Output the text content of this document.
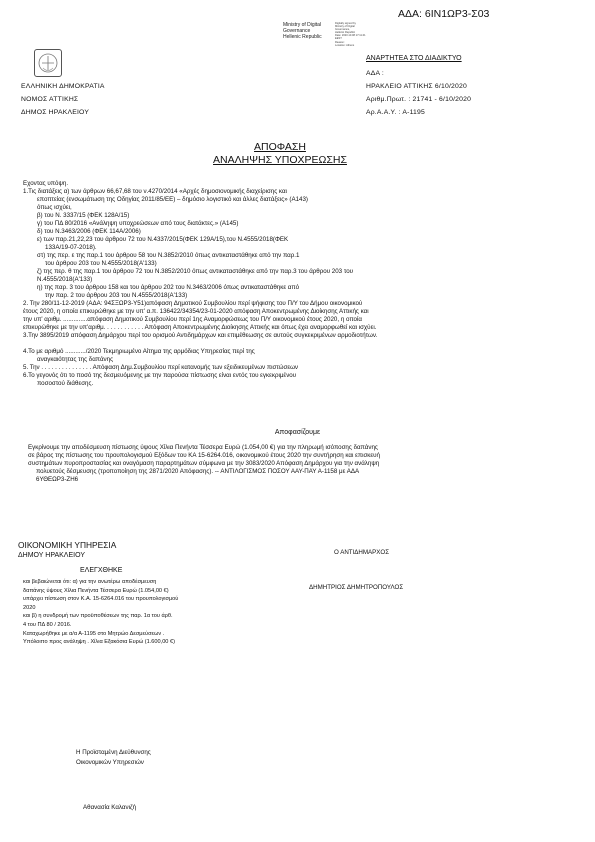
ΑΔΑ: 6ΙΝ1ΩΡ3-Σ03
Ministry of Digital
Governance
Hellenic Republic
Digitally signed by
Ministry of Digital
Governance,
Hellenic Republic
Date: 2020.10.08 17:11:41
EEST
Reason:
Location: Athens
ΑΝΑΡΤΗΤΕΑ ΣΤΟ ΔΙΑΔΙΚΤΥΟ
ΕΛΛΗΝΙΚΗ ΔΗΜΟΚΡΑΤΙΑ
ΝΟΜΟΣ ΑΤΤΙΚΗΣ
ΔΗΜΟΣ ΗΡΑΚΛΕΙΟΥ
ΑΔΑ :
ΗΡΑΚΛΕΙΟ ΑΤΤΙΚΗΣ 6/10/2020
Αριθμ.Πρωτ. : 21741 - 6/10/2020
Αρ.Α.Α.Υ. : Α-1195
ΑΠΟΦΑΣΗ
ΑΝΑΛΗΨΗΣ ΥΠΟΧΡΕΩΣΗΣ
Εχοντας υπόψη.
1.Τις διατάξεις α) των άρθρων 66,67,68 του ν.4270/2014 «Αρχές δημοσιονομικής διαχείρισης και
εποπτείας (ενσωμάτωση της Οδηγίας 2011/85/ΕΕ) – δημόσιο λογιστικό και άλλες διατάξεις» (Α143)
όπως ισχύει,
β) του Ν. 3337/15 (ΦΕΚ 128Α/15)
γ) του ΠΔ 80/2016 «Ανάληψη υποχρεώσεων από τους διατάκτες.» (Α145)
δ) του Ν.3463/2006 (ΦΕΚ 114Α/2006)
ε) των παρ.21,22,23 του άρθρου 72 του Ν.4337/2015(ΦΕΚ 129Α/15),του Ν.4555/2018(ΦΕΚ
133Α/19-07-2018).
στ) της περ. ε της παρ.1 του άρθρου 58 του Ν.3852/2010 όπως αντικαταστάθηκε από την παρ.1
του άρθρου 203 του Ν.4555/2018(Α'133)
ζ) της περ. θ της παρ.1 του άρθρου 72 του Ν.3852/2010 όπως αντικαταστάθηκε από την παρ.3 του άρθρου 203 του
Ν.4555/2018(Α'133)
η) της παρ. 3 του άρθρου 158 και του άρθρου 202 του Ν.3463/2006 όπως αντικαταστάθηκε από
την παρ. 2 του άρθρου 203 του Ν.4555/2018(Α'133)
2. Την 280/11-12-2019 (ΑΔΑ: 94ΣΞΩΡ3-Υ51)απόφαση Δημοτικού Συμβουλίου περί ψήφισης του Π/Υ του Δήμου οικονομικού
έτους 2020, η οποία επικυρώθηκε με την υπ' α.π. 136422/34354/23-01-2020 απόφαση Αποκεντρωμένης Διοίκησης Αττικής και
την υπ' αριθμ. ..............απόφαση Δημοτικού Συμβουλίου περί 1ης Αναμορφώσεως του Π/Υ οικονομικού έτους 2020, η οποία
επικυρώθηκε με την υπ'αριθμ. . . . . . . . . . . . Απόφαση Αποκεντρωμένης Διοίκησης Αττικής και όπως έχει αναμορφωθεί και ισχύει.
3.Την 3895/2019 απόφαση Δημάρχου περί του ορισμού Αντιδημάρχων και επιμέθεωσης σε αυτούς συγκεκριμένων αρμοδιοτήτων.
4.Το με αριθμό ............/2020 Τεκμηριωμένο Αίτημα της αρμόδιας Υπηρεσίας περί της
αναγκαιότητας της δαπάνης
5. Την . . . . . . . . . . . . . . . Απόφαση Δημ.Συμβουλίου περί κατανομής των εξειδικευμένων πιστώσεων
6.Το γεγονός ότι το ποσό της δεσμευόμενης με την παρούσα πίστωσης είναι εντός του εγκεκριμένου
ποσοστού διάθεσης.
Αποφασίζουμε
Εγκρίνουμε την αποδέσμευση πίστωσης ύψους Χίλια Πενήντα Τέσσερα Ευρώ (1.054,00 €) για την πληρωμή ισόποσης δαπάνης
σε βάρος της πίστωσης του προυπολογισμού Εξόδων του ΚΑ 15-6264.016, οικονομικού έτους 2020 την συντήρηση και επισκευή
συστημάτων πυροπροστασίας και οναγόμαση παραρτημάτων σύμφωνα με την 3083/2020 Απόφαση Δημάρχου για την ανάληψη
πολυετούς δέσμευσης (τροποποίηση της 2871/2020 Απόφασης). -- ΑΝΤΙΛΟΓΙΣΜΟΣ ΠΟΣΟΥ ΑΑΥ-ΠΑΥ Α-1158 με ΑΔΑ
6ΥΘΕΩΡ3-ΖΗ6
ΟΙΚΟΝΟΜΙΚΗ ΥΠΗΡΕΣΙΑ
ΔΗΜΟΥ ΗΡΑΚΛΕΙΟΥ
ΕΛΕΓΧΘΗΚΕ
και βεβαιώνεται ότι: α) για την ανωτέρω αποδέσμευση
δαπάνης ύψους Χίλια Πενήντα Τέσσερα Ευρώ (1.054,00 €)
υπάρχει πίστωση στον Κ.Α. 15-6264.016 του προυπολογισμού
2020
και β) η συνδρομή των προϋποθέσεων της παρ. 1α του άρθ.
4 του ΠΔ 80 / 2016.
Καταχωρήθηκε με α/α Α-1195 στο Μητρώο Δεσμεύσεων .
Υπόλοιπο προς ανάληψη . Χίλια Εξακόσια Ευρώ (1.600,00 €)
Ο ΑΝΤΙΔΗΜΑΡΧΟΣ
ΔΗΜΗΤΡΙΟΣ ΔΗΜΗΤΡΟΠΟΥΛΟΣ
Η Προϊσταμένη Διεύθυνσης
Οικονομικών Υπηρεσιών
Αθανασία Καλανιζή
